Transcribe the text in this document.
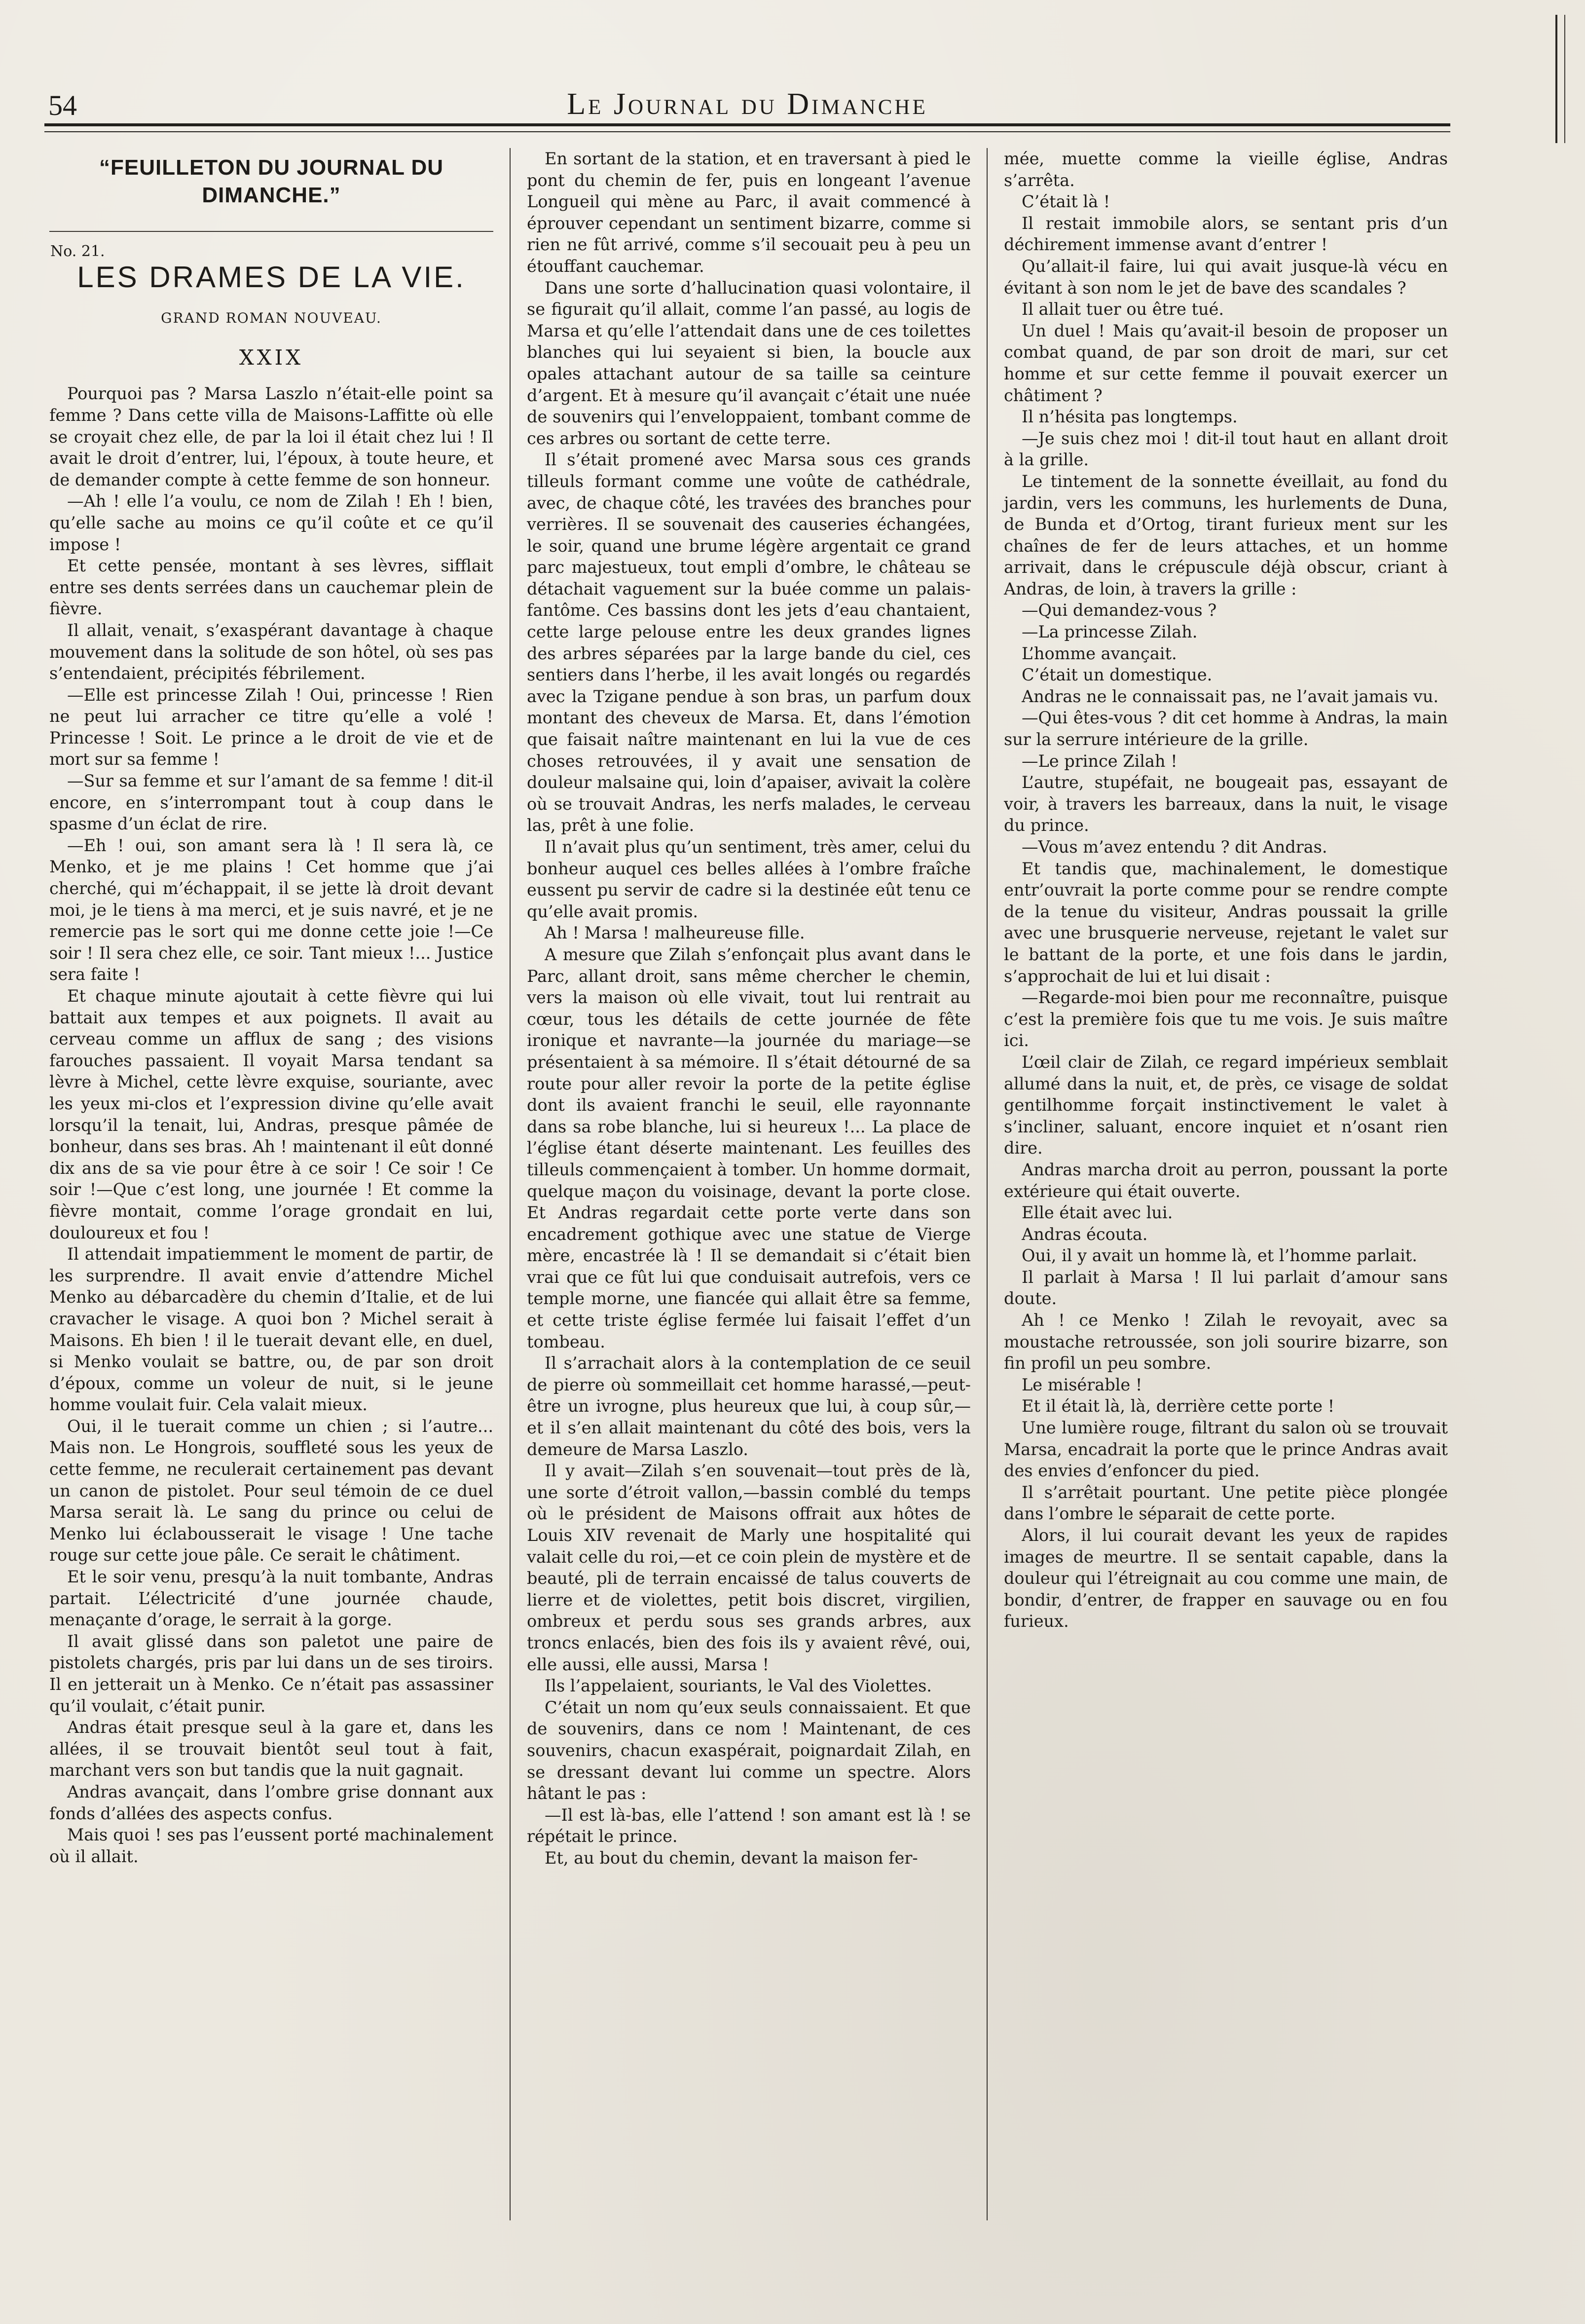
54	Le Journal du Dimanche
“FEUILLETON DU JOURNAL DU DIMANCHE.”
No. 21.
LES DRAMES DE LA VIE.
GRAND ROMAN NOUVEAU.
XXIX

Pourquoi pas ? Marsa Laszlo n’était-elle point sa femme ? Dans cette villa de Maisons-Laffitte où elle se croyait chez elle, de par la loi il était chez lui ! Il avait le droit d’entrer, lui, l’époux, à toute heure, et de demander compte à cette femme de son honneur.

—Ah ! elle l’a voulu, ce nom de Zilah ! Eh ! bien, qu’elle sache au moins ce qu’il coûte et ce qu’il impose !

Et cette pensée, montant à ses lèvres, sifflait entre ses dents serrées dans un cauchemar plein de fièvre.

Il allait, venait, s’exaspérant davantage à chaque mouvement dans la solitude de son hôtel, où ses pas s’entendaient, précipités fébrilement.

—Elle est princesse Zilah ! Oui, princesse ! Rien ne peut lui arracher ce titre qu’elle a volé ! Princesse ! Soit. Le prince a le droit de vie et de mort sur sa femme !

—Sur sa femme et sur l’amant de sa femme ! dit-il encore, en s’interrompant tout à coup dans le spasme d’un éclat de rire.

—Eh ! oui, son amant sera là ! Il sera là, ce Menko, et je me plains ! Cet homme que j’ai cherché, qui m’échappait, il se jette là droit devant moi, je le tiens à ma merci, et je suis navré, et je ne remercie pas le sort qui me donne cette joie !—Ce soir ! Il sera chez elle, ce soir. Tant mieux !... Justice sera faite !

Et chaque minute ajoutait à cette fièvre qui lui battait aux tempes et aux poignets. Il avait au cerveau comme un afflux de sang ; des visions farouches passaient. Il voyait Marsa tendant sa lèvre à Michel, cette lèvre exquise, souriante, avec les yeux mi-clos et l’expression divine qu’elle avait lorsqu’il la tenait, lui, Andras, presque pâmée de bonheur, dans ses bras. Ah ! maintenant il eût donné dix ans de sa vie pour être à ce soir ! Ce soir ! Ce soir !—Que c’est long, une journée ! Et comme la fièvre montait, comme l’orage grondait en lui, douloureux et fou !

Il attendait impatiemment le moment de partir, de les surprendre. Il avait envie d’attendre Michel Menko au débarcadère du chemin d’Italie, et de lui cravacher le visage. A quoi bon ? Michel serait à Maisons. Eh bien ! il le tuerait devant elle, en duel, si Menko voulait se battre, ou, de par son droit d’époux, comme un voleur de nuit, si le jeune homme voulait fuir. Cela valait mieux.

Oui, il le tuerait comme un chien ; si l’autre... Mais non. Le Hongrois, souffleté sous les yeux de cette femme, ne reculerait certainement pas devant un canon de pistolet. Pour seul témoin de ce duel Marsa serait là. Le sang du prince ou celui de Menko lui éclabousserait le visage ! Une tache rouge sur cette joue pâle. Ce serait le châtiment.

Et le soir venu, presqu’à la nuit tombante, Andras partait. L’électricité d’une journée chaude, menaçante d’orage, le serrait à la gorge.

Il avait glissé dans son paletot une paire de pistolets chargés, pris par lui dans un de ses tiroirs. Il en jetterait un à Menko. Ce n’était pas assassiner qu’il voulait, c’était punir.

Andras était presque seul à la gare et, dans les allées, il se trouvait bientôt seul tout à fait, marchant vers son but tandis que la nuit gagnait.

Andras avançait, dans l’ombre grise donnant aux fonds d’allées des aspects confus.

Mais quoi ! ses pas l’eussent porté machinalement où il allait.

En sortant de la station, et en traversant à pied le pont du chemin de fer, puis en longeant l’avenue Longueil qui mène au Parc, il avait commencé à éprouver cependant un sentiment bizarre, comme si rien ne fût arrivé, comme s’il secouait peu à peu un étouffant cauchemar.

Dans une sorte d’hallucination quasi volontaire, il se figurait qu’il allait, comme l’an passé, au logis de Marsa et qu’elle l’attendait dans une de ces toilettes blanches qui lui seyaient si bien, la boucle aux opales attachant autour de sa taille sa ceinture d’argent. Et à mesure qu’il avançait c’était une nuée de souvenirs qui l’enveloppaient, tombant comme de ces arbres ou sortant de cette terre.

Il s’était promené avec Marsa sous ces grands tilleuls formant comme une voûte de cathédrale, avec, de chaque côté, les travées des branches pour verrières. Il se souvenait des causeries échangées, le soir, quand une brume légère argentait ce grand parc majestueux, tout empli d’ombre, le château se détachait vaguement sur la buée comme un palais-fantôme. Ces bassins dont les jets d’eau chantaient, cette large pelouse entre les deux grandes lignes des arbres séparées par la large bande du ciel, ces sentiers dans l’herbe, il les avait longés ou regardés avec la Tzigane pendue à son bras, un parfum doux montant des cheveux de Marsa. Et, dans l’émotion que faisait naître maintenant en lui la vue de ces choses retrouvées, il y avait une sensation de douleur malsaine qui, loin d’apaiser, avivait la colère où se trouvait Andras, les nerfs malades, le cerveau las, prêt à une folie.

Il n’avait plus qu’un sentiment, très amer, celui du bonheur auquel ces belles allées à l’ombre fraîche eussent pu servir de cadre si la destinée eût tenu ce qu’elle avait promis.

Ah ! Marsa ! malheureuse fille.

A mesure que Zilah s’enfonçait plus avant dans le Parc, allant droit, sans même chercher le chemin, vers la maison où elle vivait, tout lui rentrait au cœur, tous les détails de cette journée de fête ironique et navrante—la journée du mariage—se présentaient à sa mémoire. Il s’était détourné de sa route pour aller revoir la porte de la petite église dont ils avaient franchi le seuil, elle rayonnante dans sa robe blanche, lui si heureux !... La place de l’église étant déserte maintenant. Les feuilles des tilleuls commençaient à tomber. Un homme dormait, quelque maçon du voisinage, devant la porte close. Et Andras regardait cette porte verte dans son encadrement gothique avec une statue de Vierge mère, encastrée là ! Il se demandait si c’était bien vrai que ce fût lui que conduisait autrefois, vers ce temple morne, une fiancée qui allait être sa femme, et cette triste église fermée lui faisait l’effet d’un tombeau.

Il s’arrachait alors à la contemplation de ce seuil de pierre où sommeillait cet homme harassé,—peut-être un ivrogne, plus heureux que lui, à coup sûr,—et il s’en allait maintenant du côté des bois, vers la demeure de Marsa Laszlo.

Il y avait—Zilah s’en souvenait—tout près de là, une sorte d’étroit vallon,—bassin comblé du temps où le président de Maisons offrait aux hôtes de Louis XIV revenait de Marly une hospitalité qui valait celle du roi,—et ce coin plein de mystère et de beauté, pli de terrain encaissé de talus couverts de lierre et de violettes, petit bois discret, virgilien, ombreux et perdu sous ses grands arbres, aux troncs enlacés, bien des fois ils y avaient rêvé, oui, elle aussi, elle aussi, Marsa !

Ils l’appelaient, souriants, le Val des Violettes.

C’était un nom qu’eux seuls connaissaient. Et que de souvenirs, dans ce nom ! Maintenant, de ces souvenirs, chacun exaspérait, poignardait Zilah, en se dressant devant lui comme un spectre. Alors hâtant le pas :

—Il est là-bas, elle l’attend ! son amant est là ! se répétait le prince.

Et, au bout du chemin, devant la maison fer-

mée, muette comme la vieille église, Andras s’arrêta.

C’était là !

Il restait immobile alors, se sentant pris d’un déchirement immense avant d’entrer !

Qu’allait-il faire, lui qui avait jusque-là vécu en évitant à son nom le jet de bave des scandales ?

Il allait tuer ou être tué.

Un duel ! Mais qu’avait-il besoin de proposer un combat quand, de par son droit de mari, sur cet homme et sur cette femme il pouvait exercer un châtiment ?

Il n’hésita pas longtemps.

—Je suis chez moi ! dit-il tout haut en allant droit à la grille.

Le tintement de la sonnette éveillait, au fond du jardin, vers les communs, les hurlements de Duna, de Bunda et d’Ortog, tirant furieux ment sur les chaînes de fer de leurs attaches, et un homme arrivait, dans le crépuscule déjà obscur, criant à Andras, de loin, à travers la grille :

—Qui demandez-vous ?

—La princesse Zilah.

L’homme avançait.

C’était un domestique.

Andras ne le connaissait pas, ne l’avait jamais vu.

—Qui êtes-vous ? dit cet homme à Andras, la main sur la serrure intérieure de la grille.

—Le prince Zilah !

L’autre, stupéfait, ne bougeait pas, essayant de voir, à travers les barreaux, dans la nuit, le visage du prince.

—Vous m’avez entendu ? dit Andras.

Et tandis que, machinalement, le domestique entr’ouvrait la porte comme pour se rendre compte de la tenue du visiteur, Andras poussait la grille avec une brusquerie nerveuse, rejetant le valet sur le battant de la porte, et une fois dans le jardin, s’approchait de lui et lui disait :

—Regarde-moi bien pour me reconnaître, puisque c’est la première fois que tu me vois. Je suis maître ici.

L’œil clair de Zilah, ce regard impérieux semblait allumé dans la nuit, et, de près, ce visage de soldat gentilhomme forçait instinctivement le valet à s’incliner, saluant, encore inquiet et n’osant rien dire.

Andras marcha droit au perron, poussant la porte extérieure qui était ouverte.

Elle était avec lui.

Andras écouta.

Oui, il y avait un homme là, et l’homme parlait.

Il parlait à Marsa ! Il lui parlait d’amour sans doute.

Ah ! ce Menko ! Zilah le revoyait, avec sa moustache retroussée, son joli sourire bizarre, son fin profil un peu sombre.

Le misérable !

Et il était là, là, derrière cette porte !

Une lumière rouge, filtrant du salon où se trouvait Marsa, encadrait la porte que le prince Andras avait des envies d’enfoncer du pied.

Il s’arrêtait pourtant. Une petite pièce plongée dans l’ombre le séparait de cette porte.

Alors, il lui courait devant les yeux de rapides images de meurtre. Il se sentait capable, dans la douleur qui l’étreignait au cou comme une main, de bondir, d’entrer, de frapper en sauvage ou en fou furieux.
